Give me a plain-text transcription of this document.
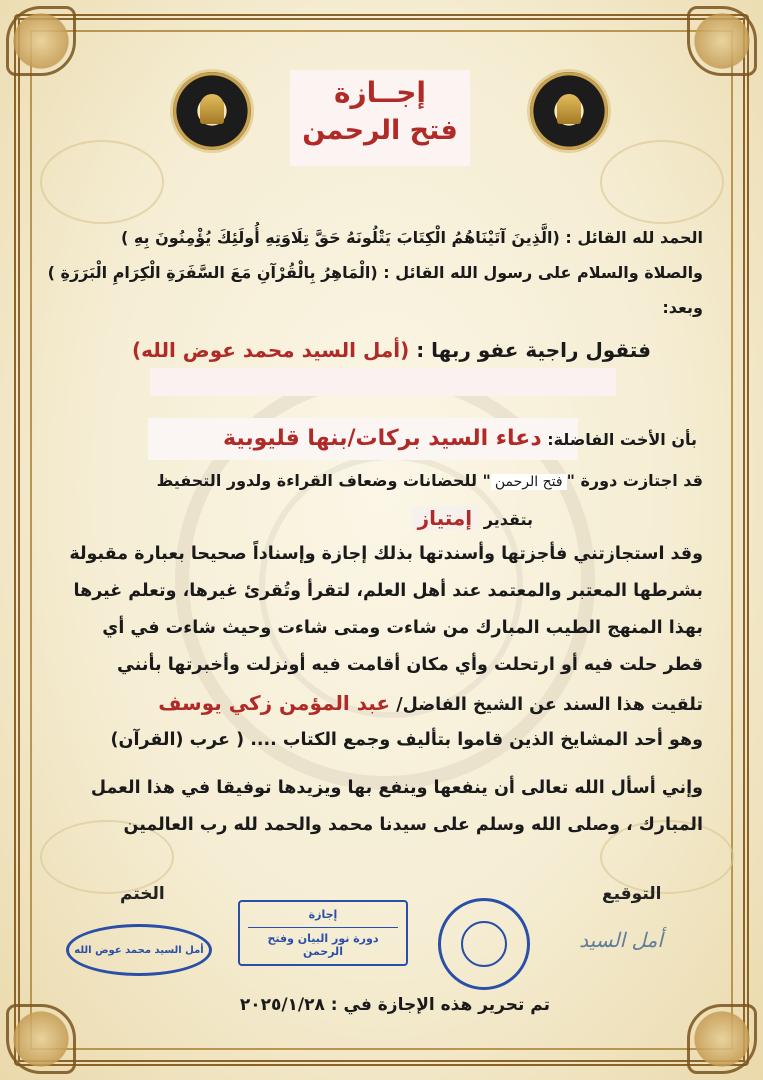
إجــازة
فتح الرحمن
الحمد لله القائل : (الَّذِينَ آتَيْنَاهُمُ الْكِتَابَ يَتْلُونَهُ حَقَّ تِلَاوَتِهِ أُولَئِكَ يُؤْمِنُونَ بِهِ )
والصلاة والسلام على رسول الله القائل : (الْمَاهِرُ بِالْقُرْآنِ مَعَ السَّفَرَةِ الْكِرَامِ الْبَرَرَةِ )
وبعد:
فتقول راجية عفو ربها : (أمل السيد محمد عوض الله)
بأن الأخت الفاضلة: دعاء السيد بركات/بنها قليوبية
قد اجتازت دورة "فتح الرحمن" للحضانات وضعاف القراءة ولدور التحفيظ
بتقدير إمتياز
وقد استجازتني فأجزتها وأسندتها بذلك إجازة وإسناداً صحيحا بعبارة مقبولة
بشرطها المعتبر والمعتمد عند أهل العلم، لتقرأ وتُقرئ غيرها، وتعلم غيرها
بهذا المنهج الطيب المبارك من شاءت ومتى شاءت وحيث شاءت في أي
قطر حلت فيه أو ارتحلت وأي مكان أقامت فيه أونزلت وأخبرتها بأنني
تلقيت هذا السند عن الشيخ الفاضل/ عبد المؤمن زكي يوسف
وهو أحد المشايخ الذين قاموا بتأليف وجمع الكتاب .... ( عرب (القرآن)
وإني أسأل الله تعالى أن ينفعها وينفع بها ويزيدها توفيقا في هذا العمل
المبارك ، وصلى الله وسلم على سيدنا محمد والحمد لله رب العالمين
الختم	التوقيع
أمل السيد محمد عوض الله
إجازة
دورة نور البيان وفتح الرحمن	أمل السيد
تم تحرير هذه الإجازة في : ٢٠٢٥/١/٢٨
